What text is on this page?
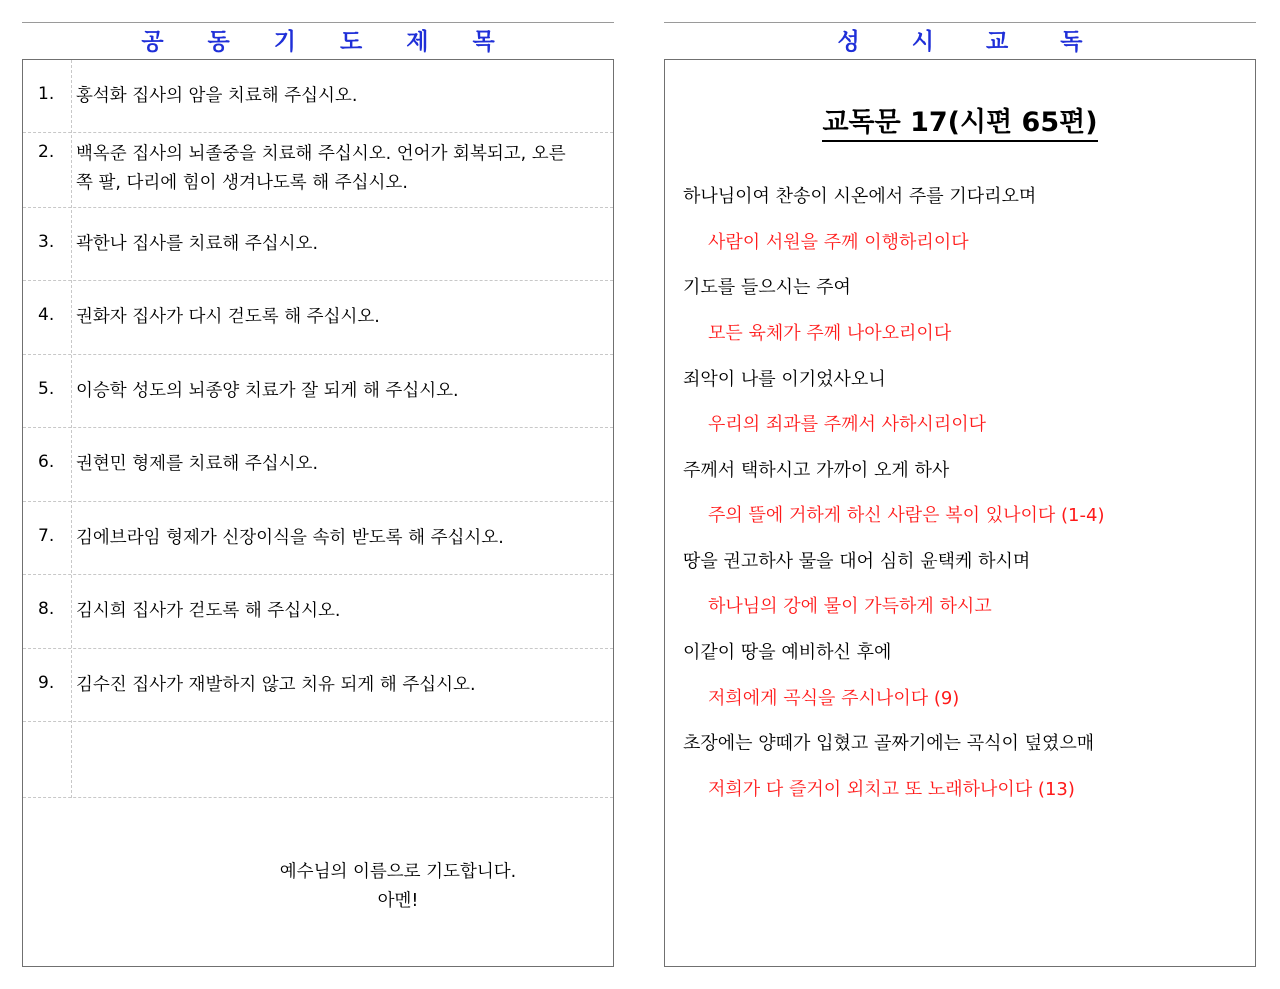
공 동 기 도 제 목
1.	홍석화 집사의 암을 치료해 주십시오.
2.	백옥준 집사의 뇌졸중을 치료해 주십시오. 언어가 회복되고, 오른쪽 팔, 다리에 힘이 생겨나도록 해 주십시오.
3.	곽한나 집사를 치료해 주십시오.
4.	권화자 집사가 다시 걷도록 해 주십시오.
5.	이승학 성도의 뇌종양 치료가 잘 되게 해 주십시오.
6.	권현민 형제를 치료해 주십시오.
7.	김에브라임 형제가 신장이식을 속히 받도록 해 주십시오.
8.	김시희 집사가 걷도록 해 주십시오.
9.	김수진 집사가 재발하지 않고 치유 되게 해 주십시오.
예수님의 이름으로 기도합니다.
아멘!
성 시 교 독
교독문 17(시편 65편)
하나님이여 찬송이 시온에서 주를 기다리오며
사람이 서원을 주께 이행하리이다
기도를 들으시는 주여
모든 육체가 주께 나아오리이다
죄악이 나를 이기었사오니
우리의 죄과를 주께서 사하시리이다
주께서 택하시고 가까이 오게 하사
주의 뜰에 거하게 하신 사람은 복이 있나이다 (1-4)
땅을 권고하사 물을 대어 심히 윤택케 하시며
하나님의 강에 물이 가득하게 하시고
이같이 땅을 예비하신 후에
저희에게 곡식을 주시나이다 (9)
초장에는 양떼가 입혔고 골짜기에는 곡식이 덮였으매
저희가 다 즐거이 외치고 또 노래하나이다 (13)
